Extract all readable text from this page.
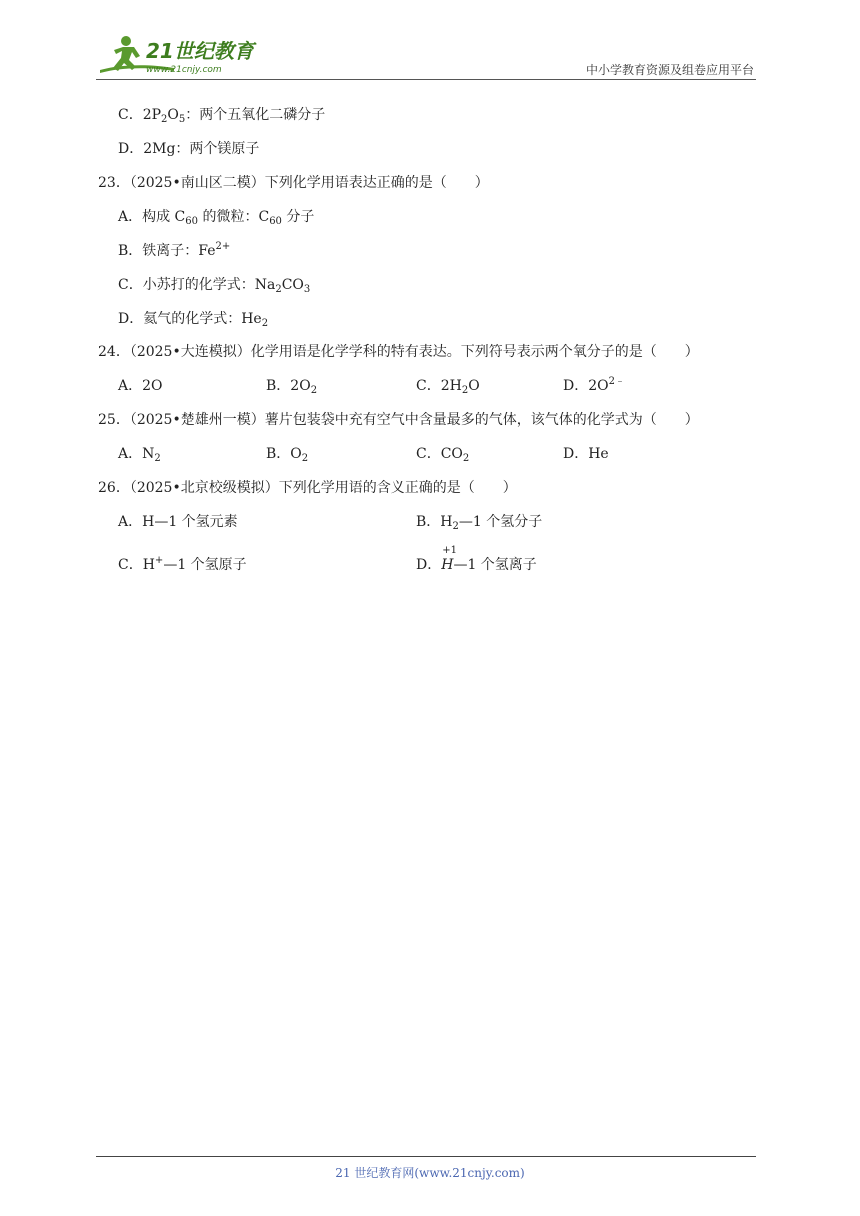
21世纪教育
www.21cnjy.com	中小学教育资源及组卷应用平台
C．$2P_2O_5$：两个五氧化二磷分子
D．2Mg：两个镁原子
23．（2025•南山区二模）下列化学用语表达正确的是（　　）
A．构成 $C_{60}$ 的微粒：$C_{60}$ 分子
B．铁离子：$Fe^{2+}$
C．小苏打的化学式：$Na_2CO_3$
D．氦气的化学式：$He_2$
24．（2025•大连模拟）化学用语是化学学科的特有表达。下列符号表示两个氧分子的是（　　）
A．2O	B．$2O_2$	C．$2H_2O$	D．$2O^{2﹣}$
25．（2025•楚雄州一模）薯片包装袋中充有空气中含量最多的气体，该气体的化学式为（　　）
A．$N_2$	B．$O_2$	C．$CO_2$	D．He
26．（2025•北京校级模拟）下列化学用语的含义正确的是（　　）
A．H—1 个氢元素	B．$H_2—1$ 个氢分子
C．H+—1 个氢原子	D．
+1
H—1 个氢离子
21 世纪教育网(www.21cnjy.com)
